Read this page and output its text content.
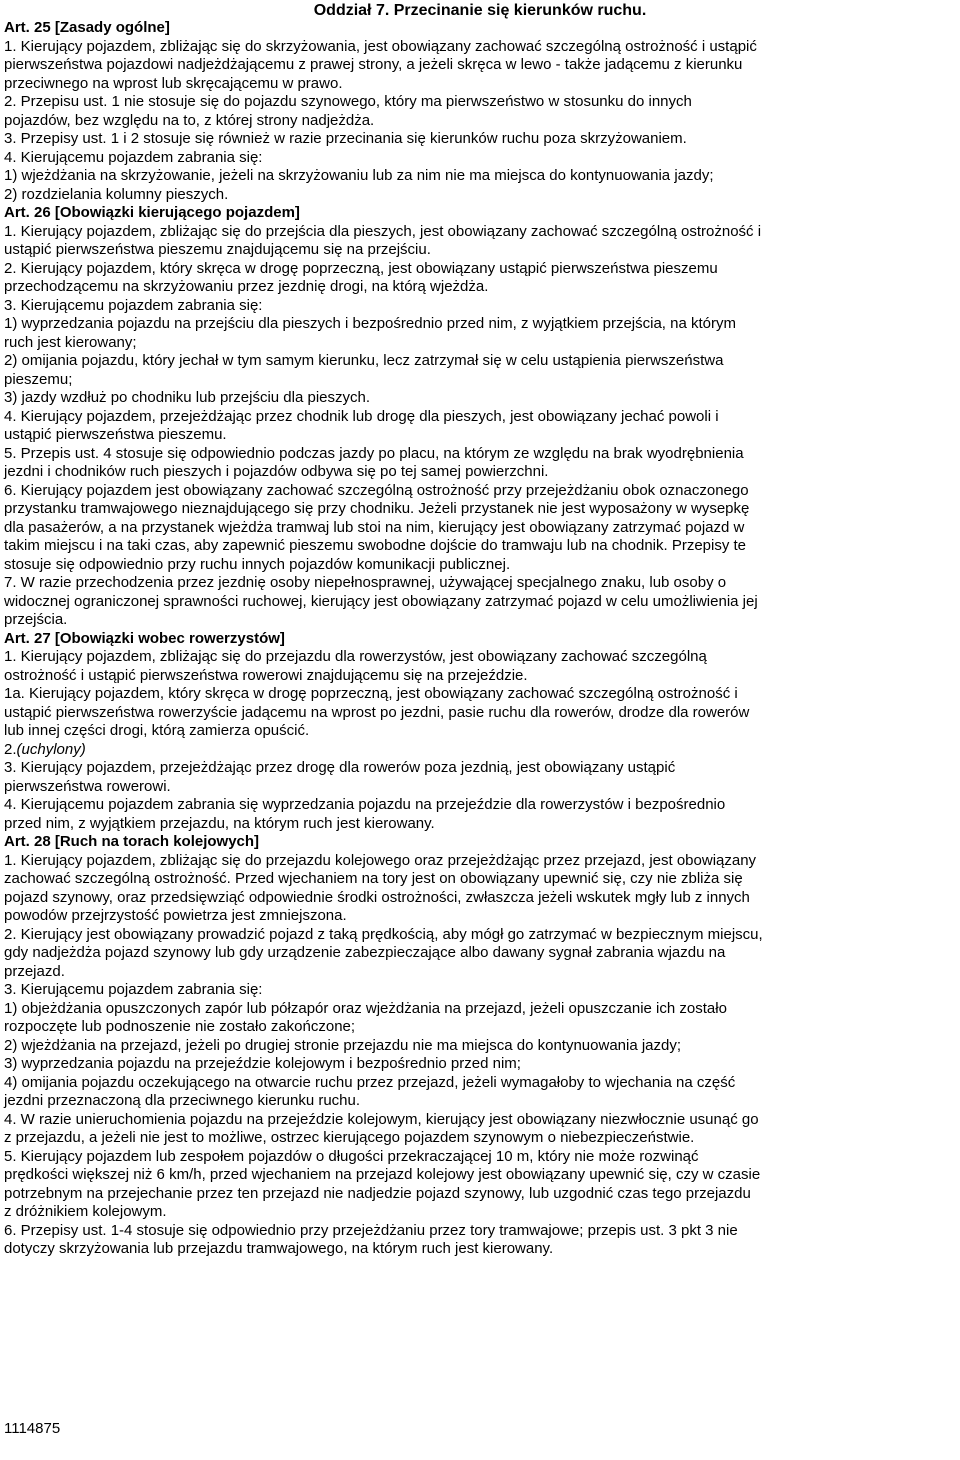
Oddział 7. Przecinanie się kierunków ruchu.
Art. 25 [Zasady ogólne]
1. Kierujący pojazdem, zbliżając się do skrzyżowania, jest obowiązany zachować szczególną ostrożność i ustąpić
pierwszeństwa pojazdowi nadjeżdżającemu z prawej strony, a jeżeli skręca w lewo - także jadącemu z kierunku
przeciwnego na wprost lub skręcającemu w prawo.
2. Przepisu ust. 1 nie stosuje się do pojazdu szynowego, który ma pierwszeństwo w stosunku do innych
pojazdów, bez względu na to, z której strony nadjeżdża.
3. Przepisy ust. 1 i 2 stosuje się również w razie przecinania się kierunków ruchu poza skrzyżowaniem.
4. Kierującemu pojazdem zabrania się:
1) wjeżdżania na skrzyżowanie, jeżeli na skrzyżowaniu lub za nim nie ma miejsca do kontynuowania jazdy;
2) rozdzielania kolumny pieszych.
Art. 26 [Obowiązki kierującego pojazdem]
1. Kierujący pojazdem, zbliżając się do przejścia dla pieszych, jest obowiązany zachować szczególną ostrożność i
ustąpić pierwszeństwa pieszemu znajdującemu się na przejściu.
2. Kierujący pojazdem, który skręca w drogę poprzeczną, jest obowiązany ustąpić pierwszeństwa pieszemu
przechodzącemu na skrzyżowaniu przez jezdnię drogi, na którą wjeżdża.
3. Kierującemu pojazdem zabrania się:
1) wyprzedzania pojazdu na przejściu dla pieszych i bezpośrednio przed nim, z wyjątkiem przejścia, na którym
ruch jest kierowany;
2) omijania pojazdu, który jechał w tym samym kierunku, lecz zatrzymał się w celu ustąpienia pierwszeństwa
pieszemu;
3) jazdy wzdłuż po chodniku lub przejściu dla pieszych.
4. Kierujący pojazdem, przejeżdżając przez chodnik lub drogę dla pieszych, jest obowiązany jechać powoli i
ustąpić pierwszeństwa pieszemu.
5. Przepis ust. 4 stosuje się odpowiednio podczas jazdy po placu, na którym ze względu na brak wyodrębnienia
jezdni i chodników ruch pieszych i pojazdów odbywa się po tej samej powierzchni.
6. Kierujący pojazdem jest obowiązany zachować szczególną ostrożność przy przejeżdżaniu obok oznaczonego
przystanku tramwajowego nieznajdującego się przy chodniku. Jeżeli przystanek nie jest wyposażony w wysepkę
dla pasażerów, a na przystanek wjeżdża tramwaj lub stoi na nim, kierujący jest obowiązany zatrzymać pojazd w
takim miejscu i na taki czas, aby zapewnić pieszemu swobodne dojście do tramwaju lub na chodnik. Przepisy te
stosuje się odpowiednio przy ruchu innych pojazdów komunikacji publicznej.
7. W razie przechodzenia przez jezdnię osoby niepełnosprawnej, używającej specjalnego znaku, lub osoby o
widocznej ograniczonej sprawności ruchowej, kierujący jest obowiązany zatrzymać pojazd w celu umożliwienia jej
przejścia.
Art. 27 [Obowiązki wobec rowerzystów]
1. Kierujący pojazdem, zbliżając się do przejazdu dla rowerzystów, jest obowiązany zachować szczególną
ostrożność i ustąpić pierwszeństwa rowerowi znajdującemu się na przejeździe.
1a. Kierujący pojazdem, który skręca w drogę poprzeczną, jest obowiązany zachować szczególną ostrożność i
ustąpić pierwszeństwa rowerzyście jadącemu na wprost po jezdni, pasie ruchu dla rowerów, drodze dla rowerów
lub innej części drogi, którą zamierza opuścić.
2.(uchylony)
3. Kierujący pojazdem, przejeżdżając przez drogę dla rowerów poza jezdnią, jest obowiązany ustąpić
pierwszeństwa rowerowi.
4. Kierującemu pojazdem zabrania się wyprzedzania pojazdu na przejeździe dla rowerzystów i bezpośrednio
przed nim, z wyjątkiem przejazdu, na którym ruch jest kierowany.
Art. 28 [Ruch na torach kolejowych]
1. Kierujący pojazdem, zbliżając się do przejazdu kolejowego oraz przejeżdżając przez przejazd, jest obowiązany
zachować szczególną ostrożność. Przed wjechaniem na tory jest on obowiązany upewnić się, czy nie zbliża się
pojazd szynowy, oraz przedsięwziąć odpowiednie środki ostrożności, zwłaszcza jeżeli wskutek mgły lub z innych
powodów przejrzystość powietrza jest zmniejszona.
2. Kierujący jest obowiązany prowadzić pojazd z taką prędkością, aby mógł go zatrzymać w bezpiecznym miejscu,
gdy nadjeżdża pojazd szynowy lub gdy urządzenie zabezpieczające albo dawany sygnał zabrania wjazdu na
przejazd.
3. Kierującemu pojazdem zabrania się:
1) objeżdżania opuszczonych zapór lub półzapór oraz wjeżdżania na przejazd, jeżeli opuszczanie ich zostało
rozpoczęte lub podnoszenie nie zostało zakończone;
2) wjeżdżania na przejazd, jeżeli po drugiej stronie przejazdu nie ma miejsca do kontynuowania jazdy;
3) wyprzedzania pojazdu na przejeździe kolejowym i bezpośrednio przed nim;
4) omijania pojazdu oczekującego na otwarcie ruchu przez przejazd, jeżeli wymagałoby to wjechania na część
jezdni przeznaczoną dla przeciwnego kierunku ruchu.
4. W razie unieruchomienia pojazdu na przejeździe kolejowym, kierujący jest obowiązany niezwłocznie usunąć go
z przejazdu, a jeżeli nie jest to możliwe, ostrzec kierującego pojazdem szynowym o niebezpieczeństwie.
5. Kierujący pojazdem lub zespołem pojazdów o długości przekraczającej 10 m, który nie może rozwinąć
prędkości większej niż 6 km/h, przed wjechaniem na przejazd kolejowy jest obowiązany upewnić się, czy w czasie
potrzebnym na przejechanie przez ten przejazd nie nadjedzie pojazd szynowy, lub uzgodnić czas tego przejazdu
z dróżnikiem kolejowym.
6. Przepisy ust. 1-4 stosuje się odpowiednio przy przejeżdżaniu przez tory tramwajowe; przepis ust. 3 pkt 3 nie
dotyczy skrzyżowania lub przejazdu tramwajowego, na którym ruch jest kierowany.
1114875
